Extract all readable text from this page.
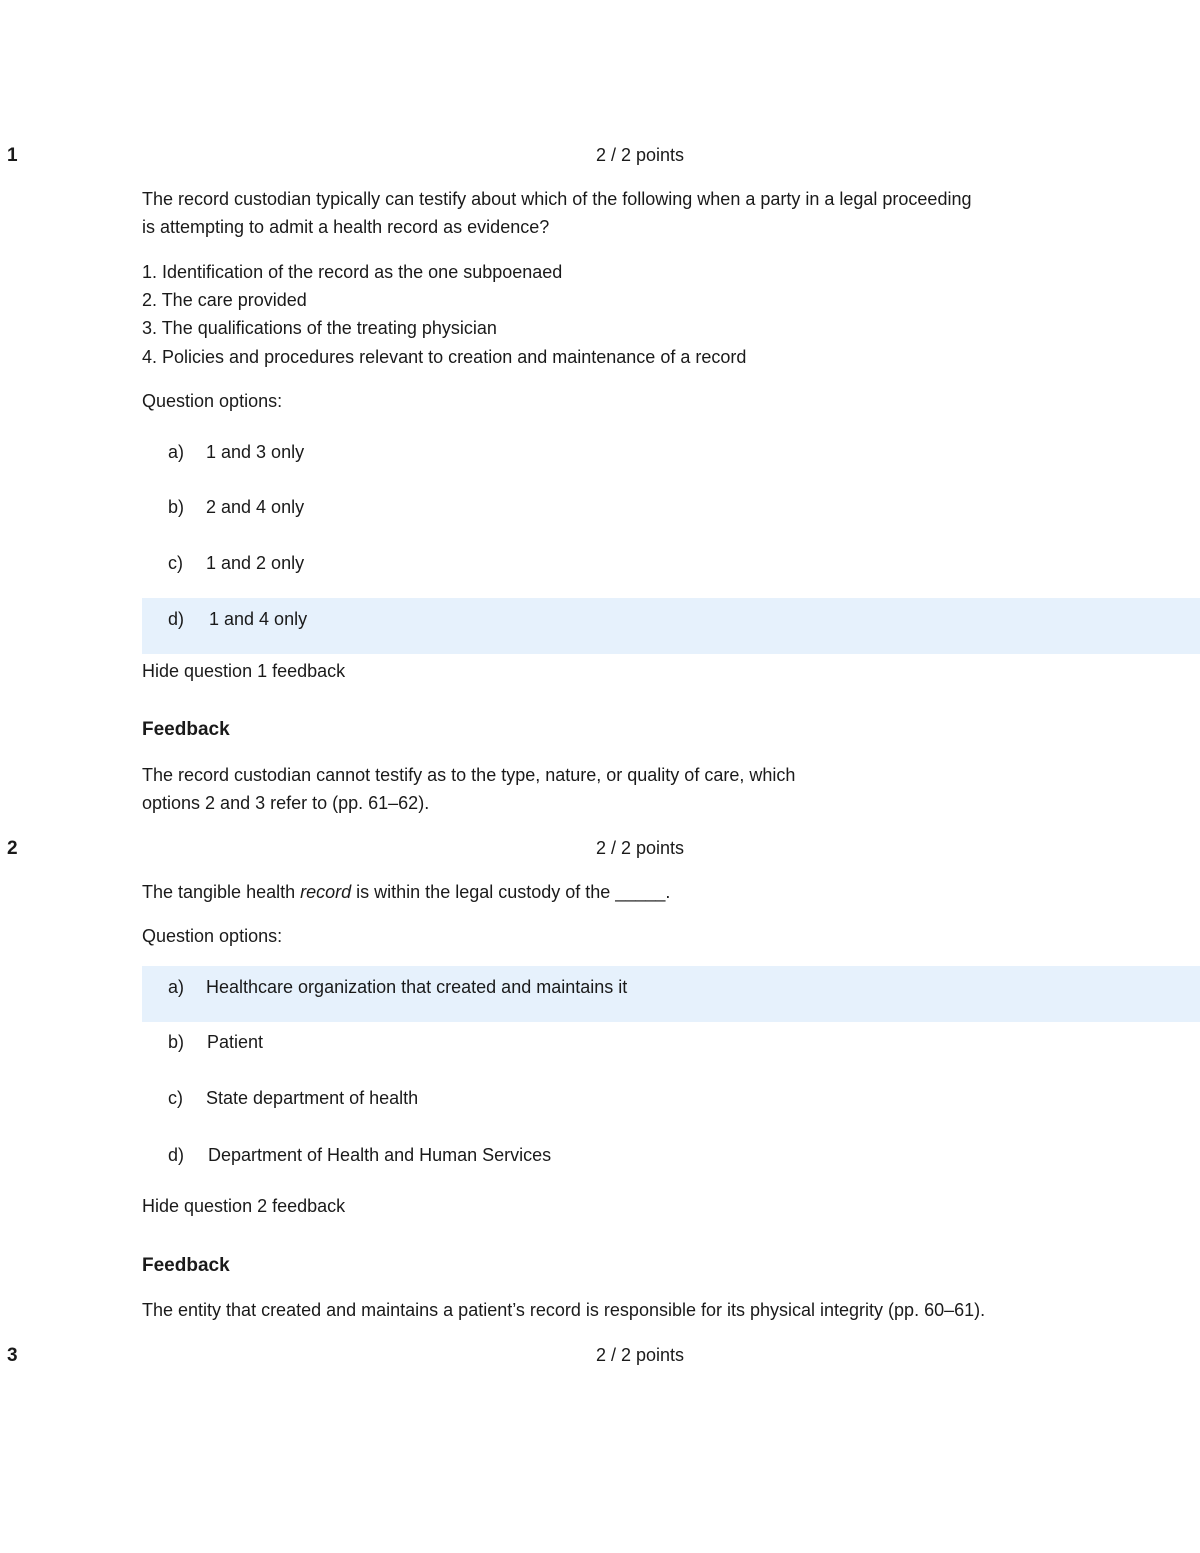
1	2 / 2 points
The record custodian typically can testify about which of the following when a party in a legal proceeding
is attempting to admit a health record as evidence?
1. Identification of the record as the one subpoenaed
2. The care provided
3. The qualifications of the treating physician
4. Policies and procedures relevant to creation and maintenance of a record
Question options:
a) 1 and 3 only
b) 2 and 4 only
c) 1 and 2 only
d) 1 and 4 only
Hide question 1 feedback
Feedback
The record custodian cannot testify as to the type, nature, or quality of care, which
options 2 and 3 refer to (pp. 61–62).
2	2 / 2 points
The tangible health record is within the legal custody of the _____.
Question options:
a) Healthcare organization that created and maintains it
b) Patient
c) State department of health
d) Department of Health and Human Services
Hide question 2 feedback
Feedback
The entity that created and maintains a patient’s record is responsible for its physical integrity (pp. 60–61).
3	2 / 2 points
